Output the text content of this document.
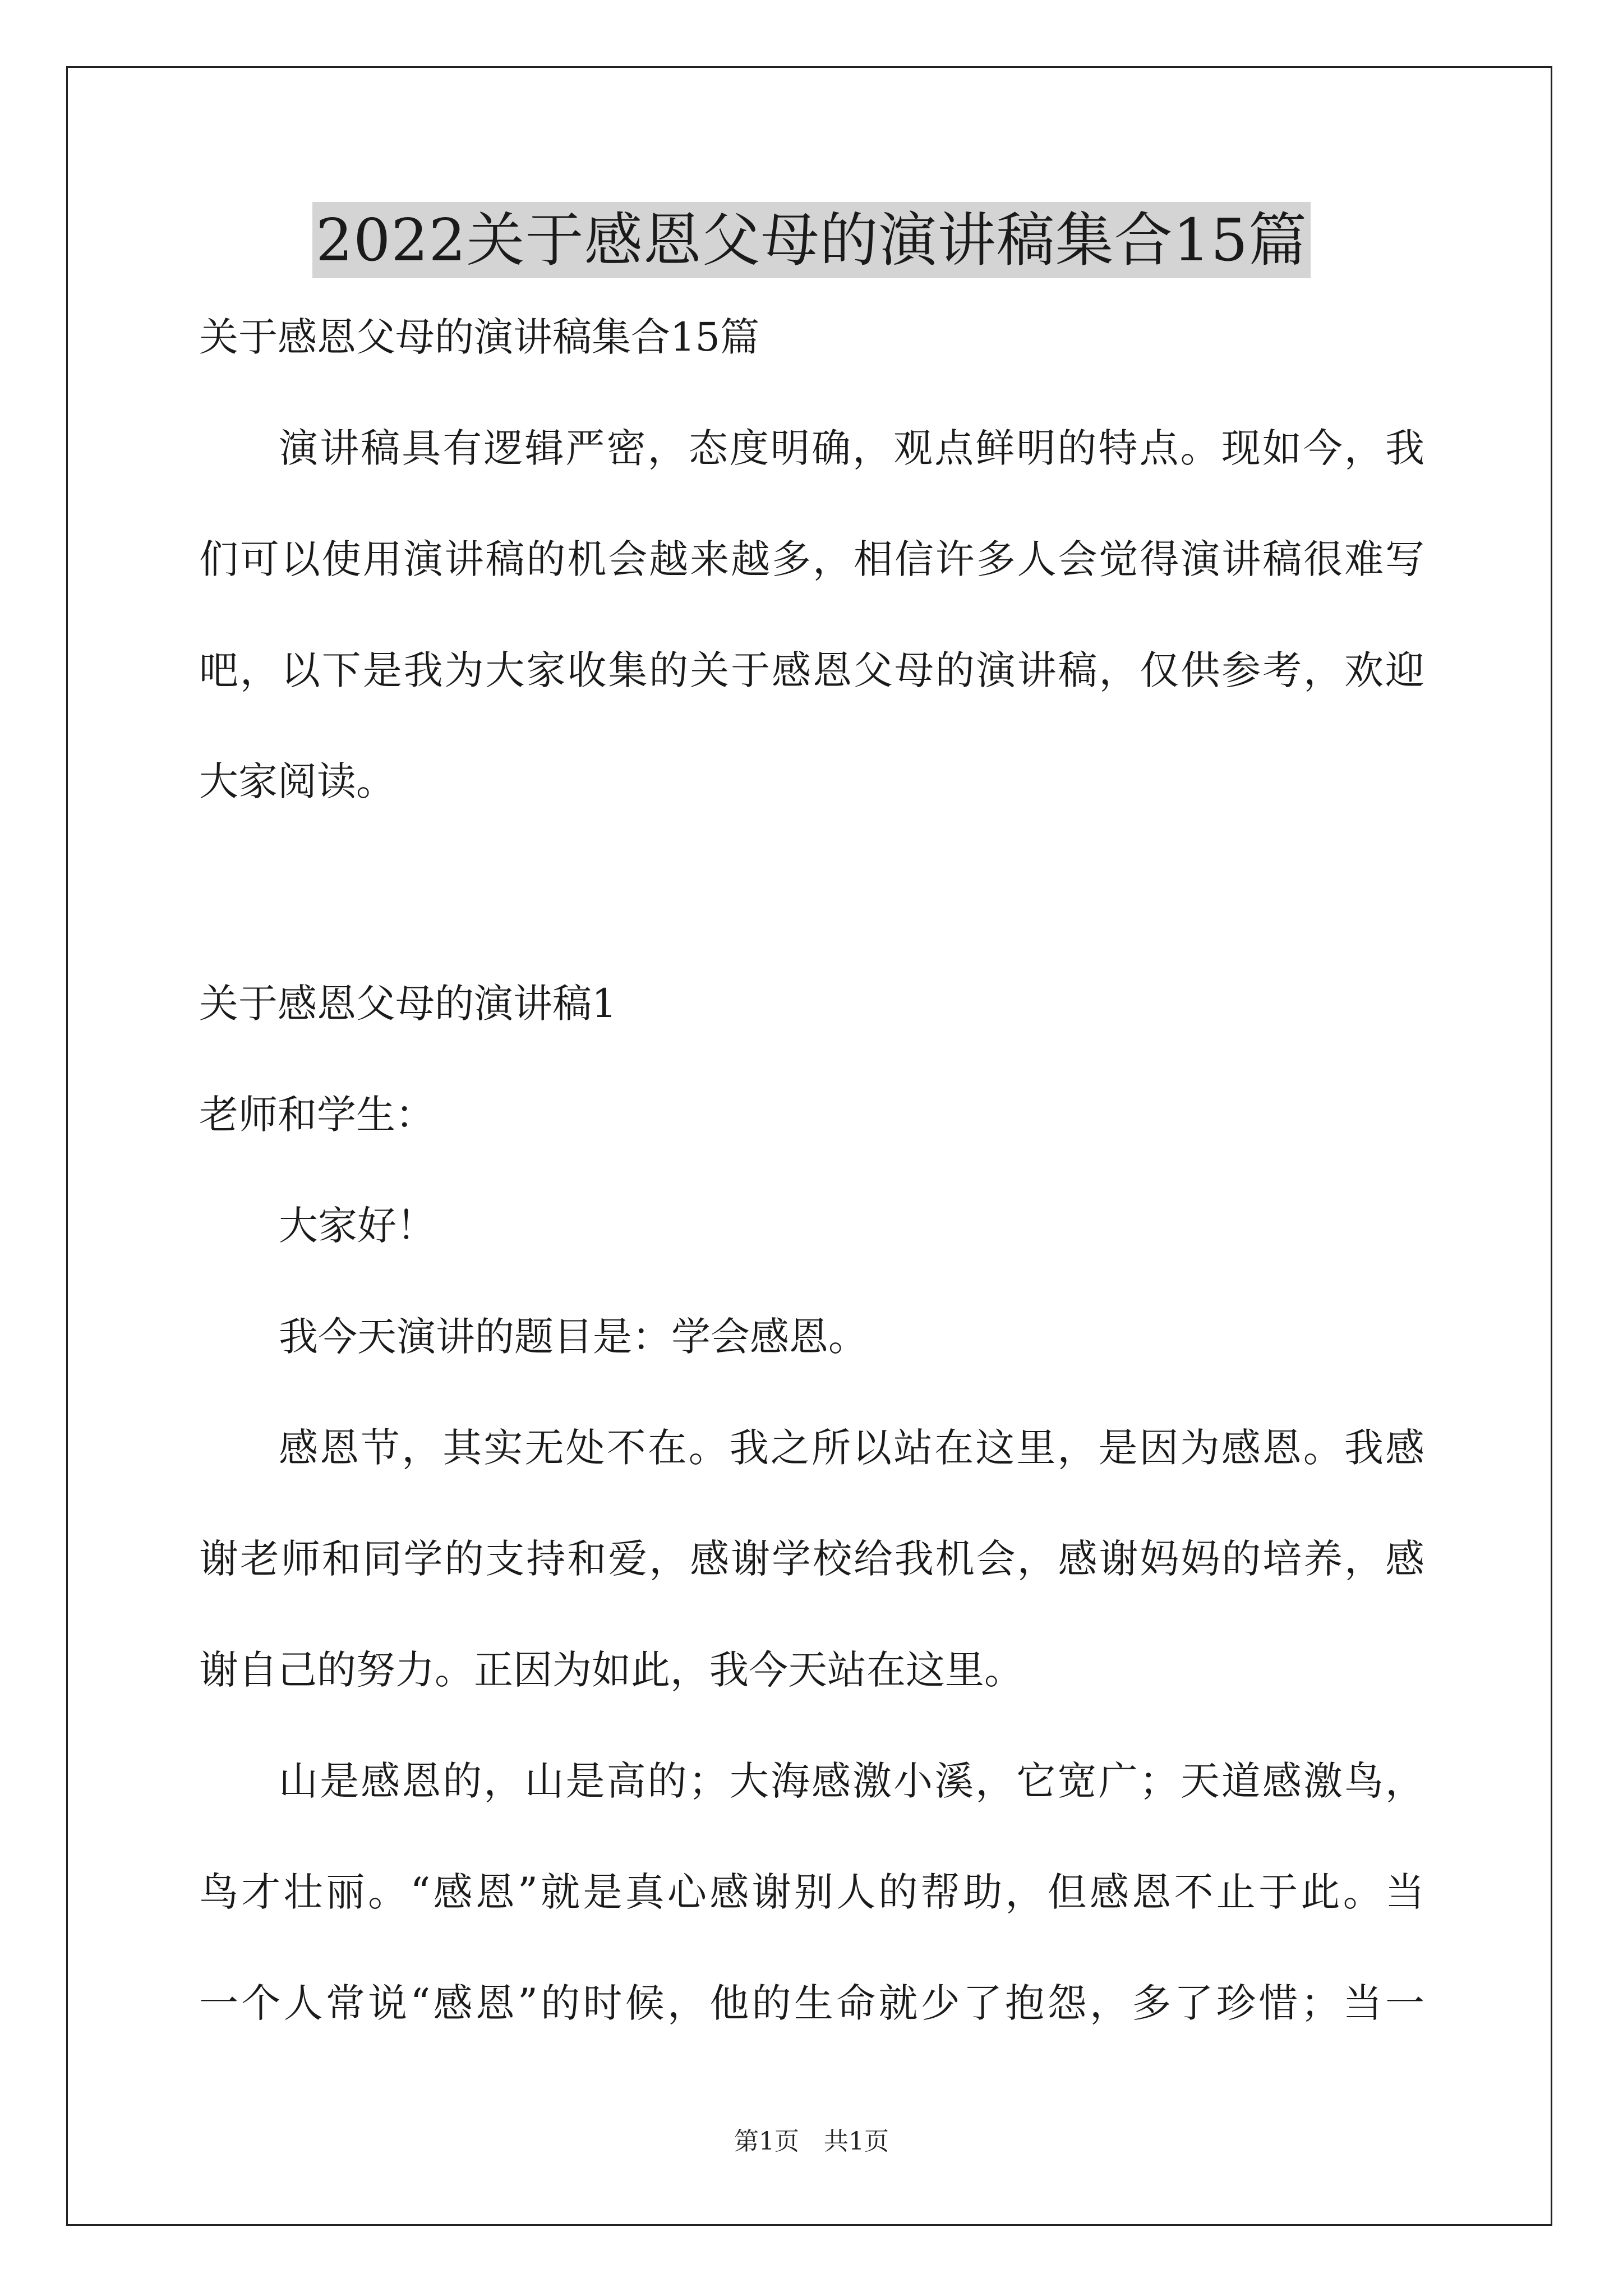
2022关于感恩父母的演讲稿集合15篇
关于感恩父母的演讲稿集合15篇
演讲稿具有逻辑严密，态度明确，观点鲜明的特点。现如今，我
们可以使用演讲稿的机会越来越多，相信许多人会觉得演讲稿很难写
吧，以下是我为大家收集的关于感恩父母的演讲稿，仅供参考，欢迎
大家阅读。
关于感恩父母的演讲稿1
老师和学生：
大家好！
我今天演讲的题目是：学会感恩。
感恩节，其实无处不在。我之所以站在这里，是因为感恩。我感
谢老师和同学的支持和爱，感谢学校给我机会，感谢妈妈的培养，感
谢自己的努力。正因为如此，我今天站在这里。
山是感恩的，山是高的；大海感激小溪，它宽广；天道感激鸟，
鸟才壮丽。“感恩”就是真心感谢别人的帮助，但感恩不止于此。当
一个人常说“感恩”的时候，他的生命就少了抱怨，多了珍惜；当一
第1页 共1页
